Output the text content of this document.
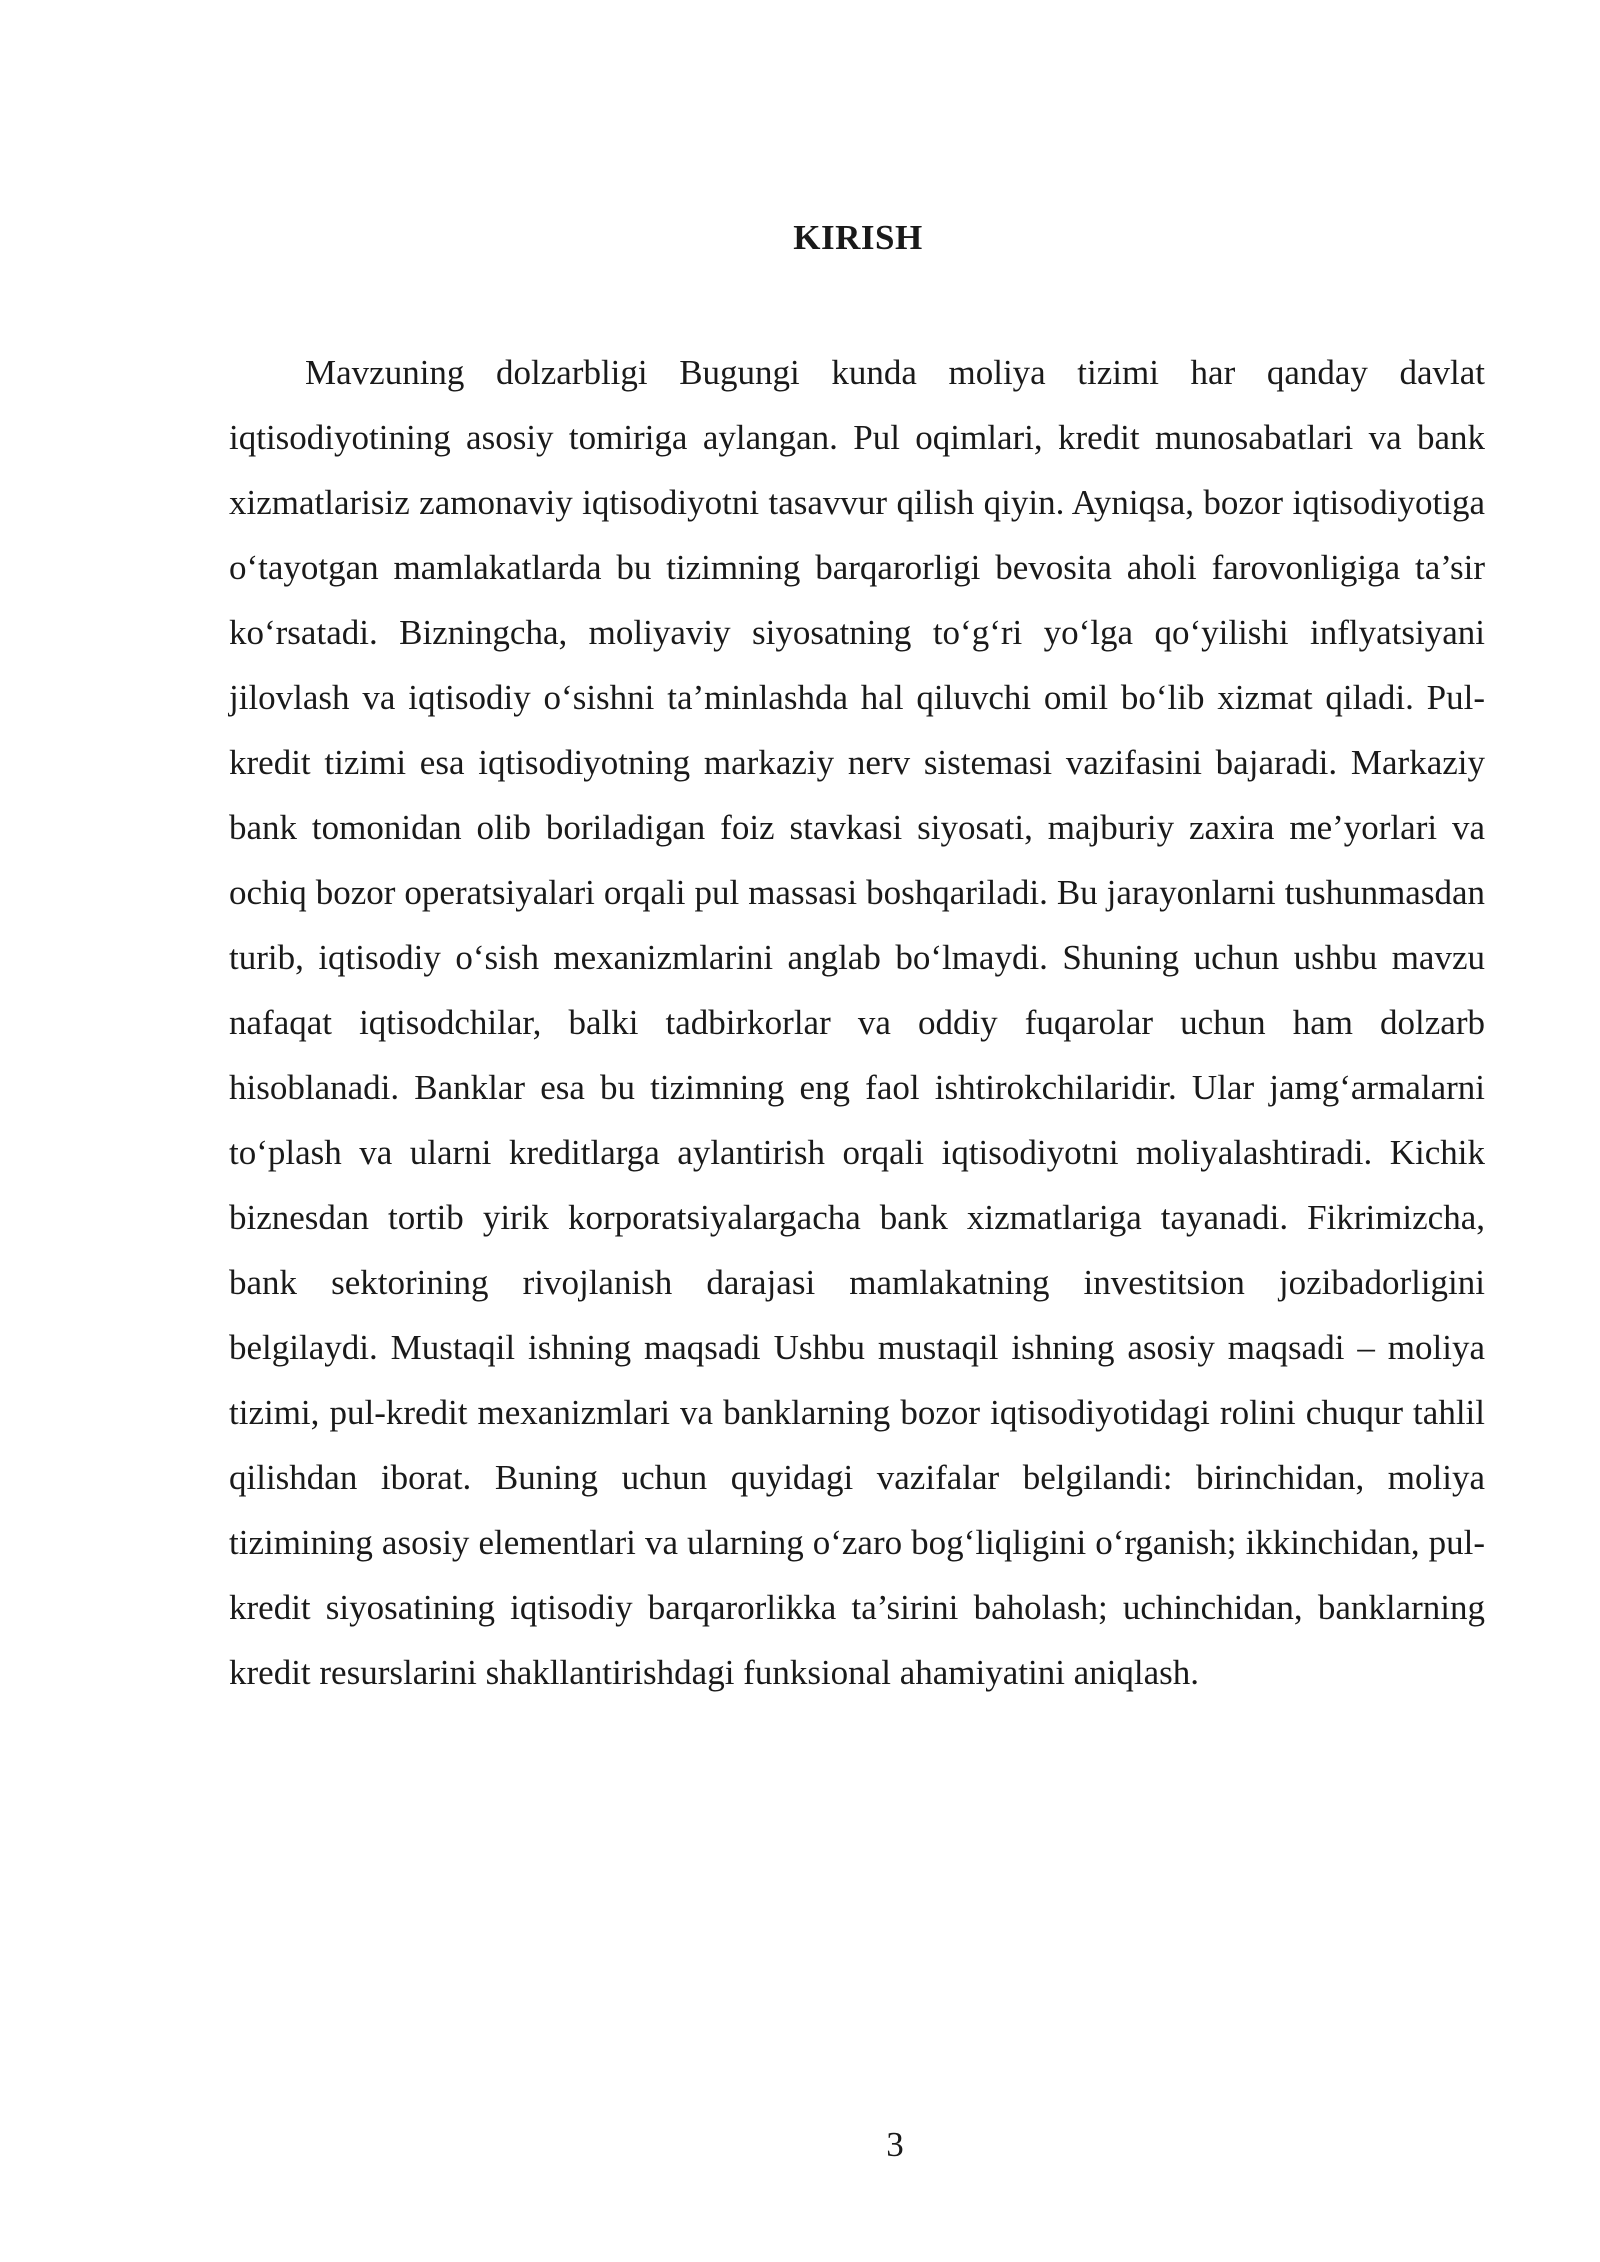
KIRISH

Mavzuning dolzarbligi Bugungi kunda moliya tizimi har qanday davlat iqtisodiyotining asosiy tomiriga aylangan. Pul oqimlari, kredit munosabatlari va bank xizmatlarisiz zamonaviy iqtisodiyotni tasavvur qilish qiyin. Ayniqsa, bozor iqtisodiyotiga o‘tayotgan mamlakatlarda bu tizimning barqarorligi bevosita aholi farovonligiga ta’sir ko‘rsatadi. Bizningcha, moliyaviy siyosatning to‘g‘ri yo‘lga qo‘yilishi inflyatsiyani jilovlash va iqtisodiy o‘sishni ta’minlashda hal qiluvchi omil bo‘lib xizmat qiladi. Pul-kredit tizimi esa iqtisodiyotning markaziy nerv sistemasi vazifasini bajaradi. Markaziy bank tomonidan olib boriladigan foiz stavkasi siyosati, majburiy zaxira me’yorlari va ochiq bozor operatsiyalari orqali pul massasi boshqariladi. Bu jarayonlarni tushunmasdan turib, iqtisodiy o‘sish mexanizmlarini anglab bo‘lmaydi. Shuning uchun ushbu mavzu nafaqat iqtisodchilar, balki tadbirkorlar va oddiy fuqarolar uchun ham dolzarb hisoblanadi. Banklar esa bu tizimning eng faol ishtirokchilaridir. Ular jamg‘armalarni to‘plash va ularni kreditlarga aylantirish orqali iqtisodiyotni moliyalashtiradi. Kichik biznesdan tortib yirik korporatsiyalargacha bank xizmatlariga tayanadi. Fikrimizcha, bank sektorining rivojlanish darajasi mamlakatning investitsion jozibadorligini belgilaydi. Mustaqil ishning maqsadi Ushbu mustaqil ishning asosiy maqsadi – moliya tizimi, pul-kredit mexanizmlari va banklarning bozor iqtisodiyotidagi rolini chuqur tahlil qilishdan iborat. Buning uchun quyidagi vazifalar belgilandi: birinchidan, moliya tizimining asosiy elementlari va ularning o‘zaro bog‘liqligini o‘rganish; ikkinchidan, pul-kredit siyosatining iqtisodiy barqarorlikka ta’sirini baholash; uchinchidan, banklarning kredit resurslarini shakllantirishdagi funksional ahamiyatini aniqlash.

3
